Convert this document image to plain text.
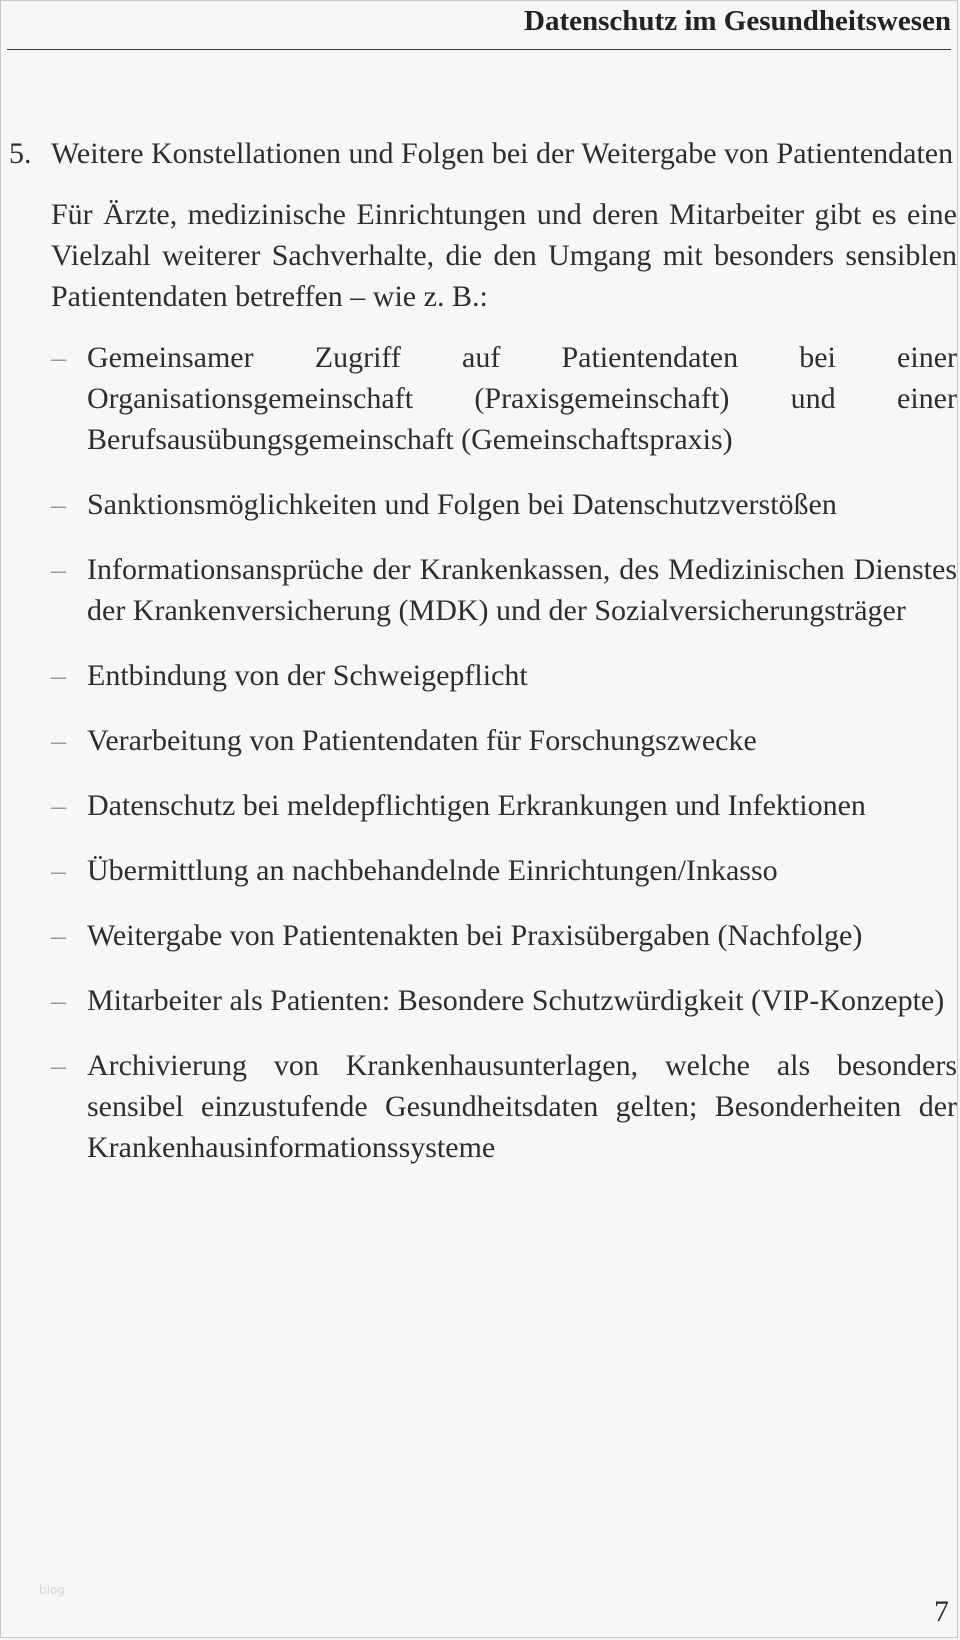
Datenschutz im Gesundheitswesen
5. Weitere Konstellationen und Folgen bei der Weitergabe von Patientendaten

Für Ärzte, medizinische Einrichtungen und deren Mitarbeiter gibt es eine Vielzahl weiterer Sachverhalte, die den Umgang mit besonders sensiblen Patientendaten betreffen – wie z. B.:

– Gemeinsamer Zugriff auf Patientendaten bei einer Organisationsgemeinschaft (Praxisgemeinschaft) und einer Berufsausübungsgemeinschaft (Gemeinschaftspraxis)
– Sanktionsmöglichkeiten und Folgen bei Datenschutzverstößen
– Informationsansprüche der Krankenkassen, des Medizinischen Dienstes der Krankenversicherung (MDK) und der Sozialversicherungsträger
– Entbindung von der Schweigepflicht
– Verarbeitung von Patientendaten für Forschungszwecke
– Datenschutz bei meldepflichtigen Erkrankungen und Infektionen
– Übermittlung an nachbehandelnde Einrichtungen/Inkasso
– Weitergabe von Patientenakten bei Praxisübergaben (Nachfolge)
– Mitarbeiter als Patienten: Besondere Schutzwürdigkeit (VIP-Konzepte)
– Archivierung von Krankenhausunterlagen, welche als besonders sensibel einzustufende Gesundheitsdaten gelten; Besonderheiten der Krankenhausinformationssysteme
blog
7
